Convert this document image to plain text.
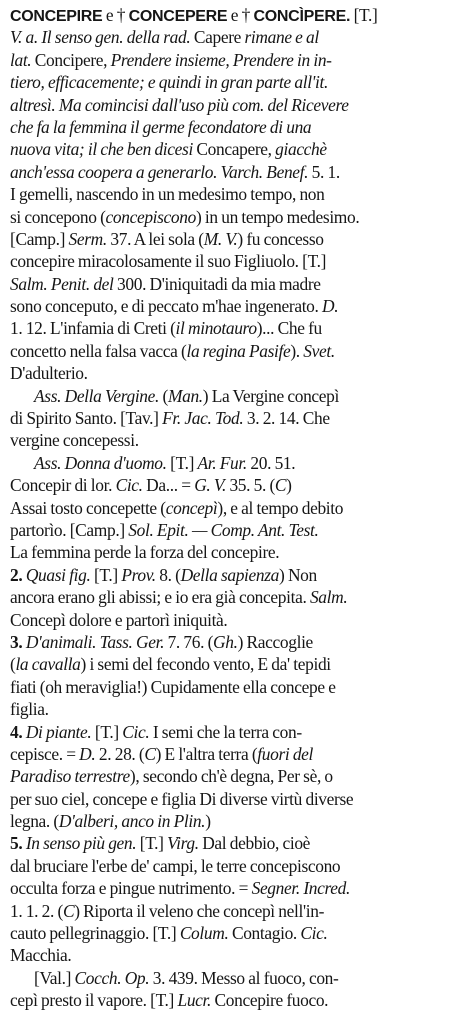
CONCEPIRE e † CONCEPERE e † CONCÌPERE. [T.]
V. a. Il senso gen. della rad. Capere rimane e al
lat. Concipere, Prendere insieme, Prendere in in-
tiero, efficacemente; e quindi in gran parte all'it.
altresì. Ma comincisi dall'uso più com. del Ricevere
che fa la femmina il germe fecondatore di una
nuova vita; il che ben dicesi Concapere, giacchè
anch'essa coopera a generarlo. Varch. Benef. 5. 1.
I gemelli, nascendo in un medesimo tempo, non
si concepono (concepiscono) in un tempo medesimo.
[Camp.] Serm. 37. A lei sola (M. V.) fu concesso
concepire miracolosamente il suo Figliuolo. [T.]
Salm. Penit. del 300. D'iniquitadi da mia madre
sono conceputo, e di peccato m'hae ingenerato. D.
1. 12. L'infamia di Creti (il minotauro)... Che fu
concetto nella falsa vacca (la regina Pasife). Svet.
D'adulterio.
Ass. Della Vergine. (Man.) La Vergine concepì
di Spirito Santo. [Tav.] Fr. Jac. Tod. 3. 2. 14. Che
vergine concepessi.
Ass. Donna d'uomo. [T.] Ar. Fur. 20. 51.
Concepir di lor. Cic. Da... = G. V. 35. 5. (C)
Assai tosto concepette (concepì), e al tempo debito
partorìo. [Camp.] Sol. Epit. — Comp. Ant. Test.
La femmina perde la forza del concepire.
2. Quasi fig. [T.] Prov. 8. (Della sapienza) Non
ancora erano gli abissi; e io era già concepita. Salm.
Concepì dolore e partorì iniquità.
3. D'animali. Tass. Ger. 7. 76. (Gh.) Raccoglie
(la cavalla) i semi del fecondo vento, E da' tepidi
fiati (oh meraviglia!) Cupidamente ella concepe e
figlia.
4. Di piante. [T.] Cic. I semi che la terra con-
cepisce. = D. 2. 28. (C) E l'altra terra (fuori del
Paradiso terrestre), secondo ch'è degna, Per sè, o
per suo ciel, concepe e figlia Di diverse virtù diverse
legna. (D'alberi, anco in Plin.)
5. In senso più gen. [T.] Virg. Dal debbio, cioè
dal bruciare l'erbe de' campi, le terre concepiscono
occulta forza e pingue nutrimento. = Segner. Incred.
1. 1. 2. (C) Riporta il veleno che concepì nell'in-
cauto pellegrinaggio. [T.] Colum. Contagio. Cic.
Macchia.
[Val.] Cocch. Op. 3. 439. Messo al fuoco, con-
cepì presto il vapore. [T.] Lucr. Concepire fuoco.
